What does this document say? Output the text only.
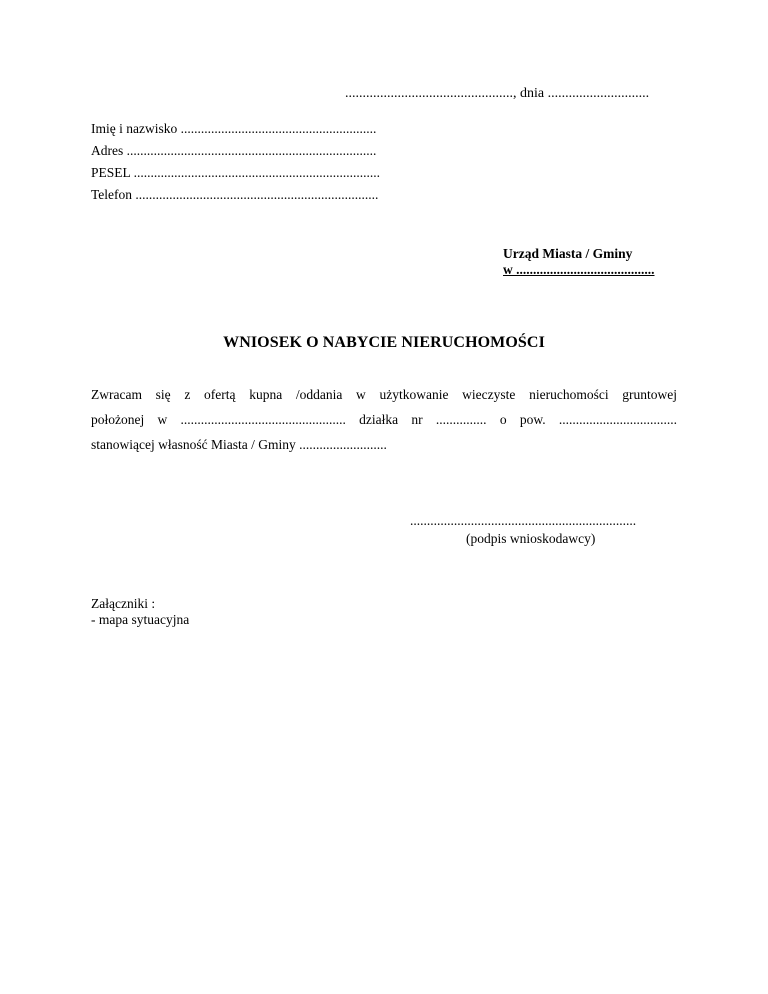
................................................, dnia .............................
Imię i nazwisko ..........................................................
Adres ..........................................................................
PESEL .........................................................................
Telefon ........................................................................
Urząd Miasta / Gminy
w .........................................
WNIOSEK O NABYCIE NIERUCHOMOŚCI
Zwracam się z ofertą kupna /oddania w użytkowanie wieczyste nieruchomości gruntowej
położonej w ................................................. działka nr ............... o pow. ...................................
stanowiącej własność Miasta / Gminy ..........................
...................................................................
(podpis wnioskodawcy)
Załączniki :
- mapa sytuacyjna
